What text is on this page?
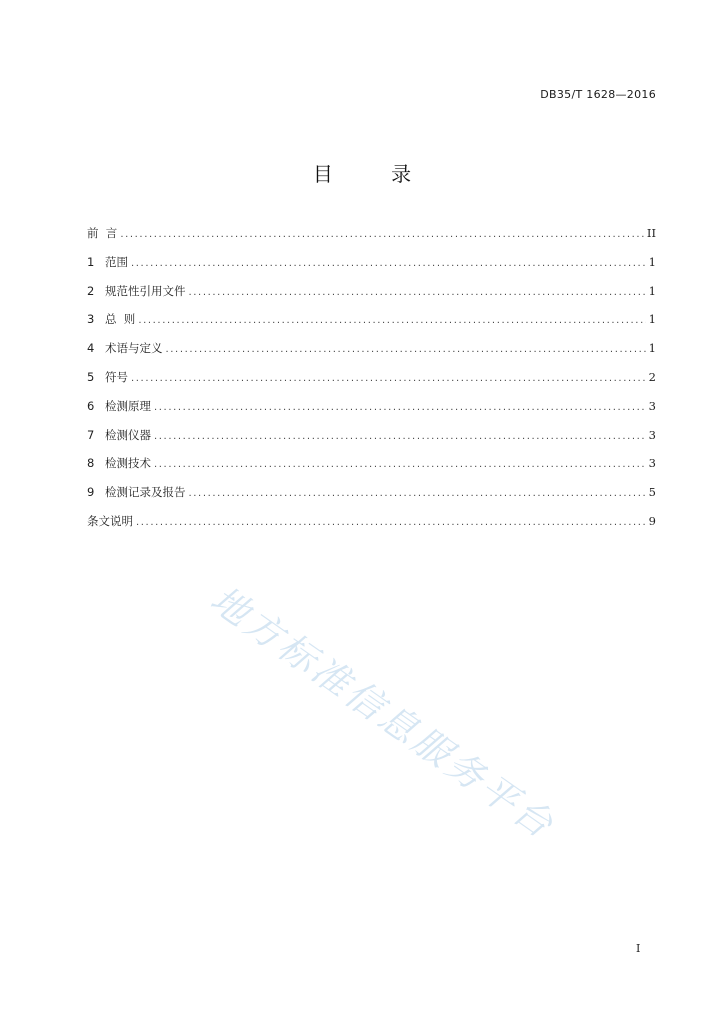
DB35/T 1628—2016
目 录
前  言 .....	II
1 范围 .....	1
2 规范性引用文件 .....	1
3 总  则 .....	1
4 术语与定义 .....	1
5 符号 .....	2
6 检测原理 .....	3
7 检测仪器 .....	3
8 检测技术 .....	3
9 检测记录及报告 .....	5
条文说明 .....	9
地方标准信息服务平台
I
